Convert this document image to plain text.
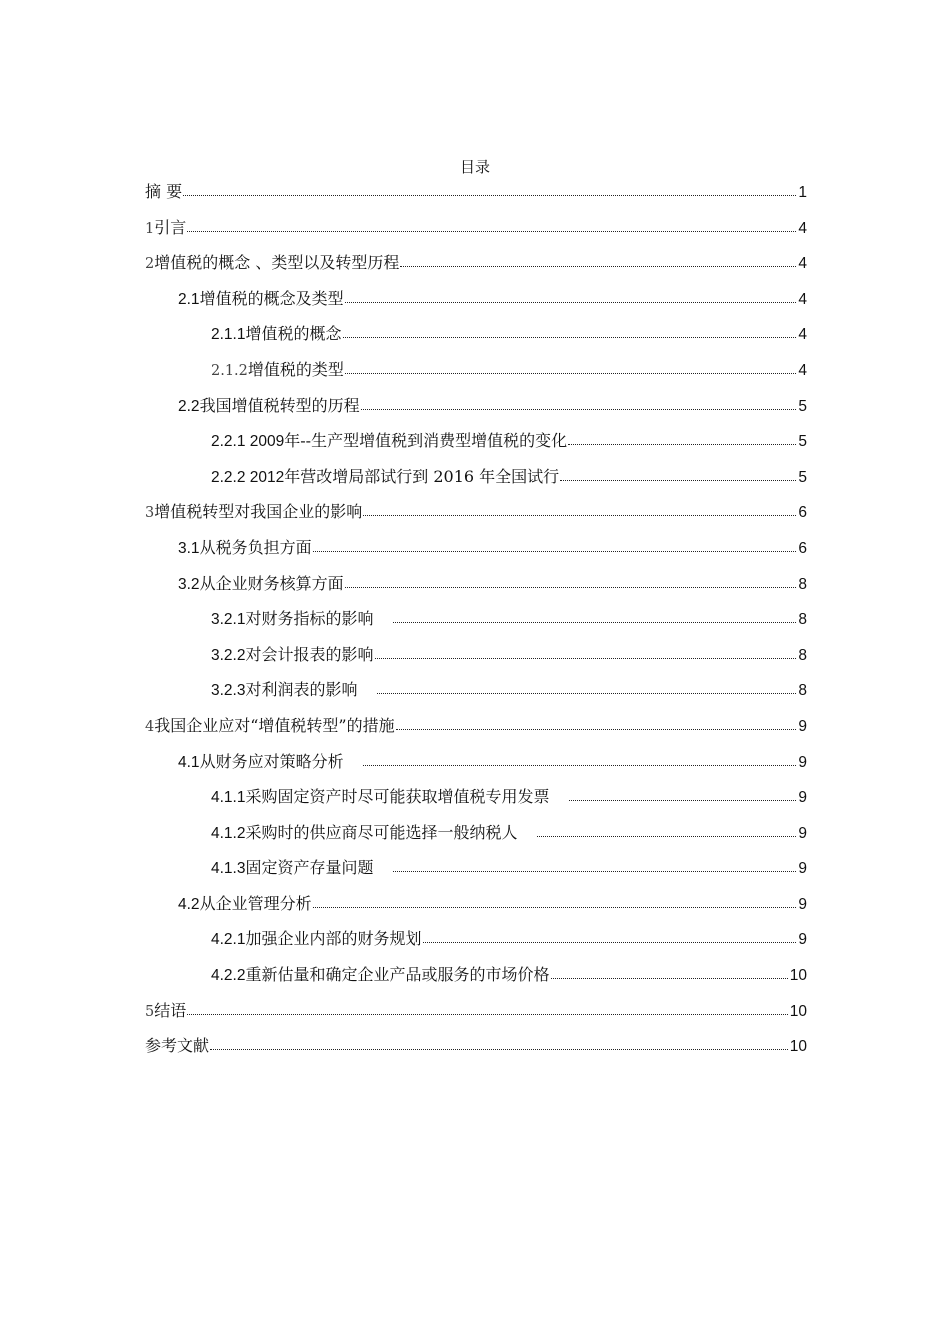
目录
摘 要	1
1 引言	4
2 增值税的概念 、类型以及转型历程	4
2.1 增值税的概念及类型	4
2.1.1 增值税的概念	4
2.1.2 增值税的类型	4
2.2 我国增值税转型的历程	5
2.2.1 2009 年--生产型增值税到消费型增值税的变化	5
2.2.2 2012 年营改增局部试行到 2016 年全国试行	5
3 增值税转型对我国企业的影响	6
3.1 从税务负担方面	6
3.2 从企业财务核算方面	8
3.2.1 对财务指标的影响	8
3.2.2 对会计报表的影响	8
3.2.3 对利润表的影响	8
4 我国企业应对“增值税转型”的措施	9
4.1 从财务应对策略分析	9
4.1.1 采购固定资产时尽可能获取增值税专用发票	9
4.1.2 采购时的供应商尽可能选择一般纳税人	9
4.1.3 固定资产存量问题	9
4.2 从企业管理分析	9
4.2.1 加强企业内部的财务规划	9
4.2.2 重新估量和确定企业产品或服务的市场价格	10
5 结语	10
参考文献	10
